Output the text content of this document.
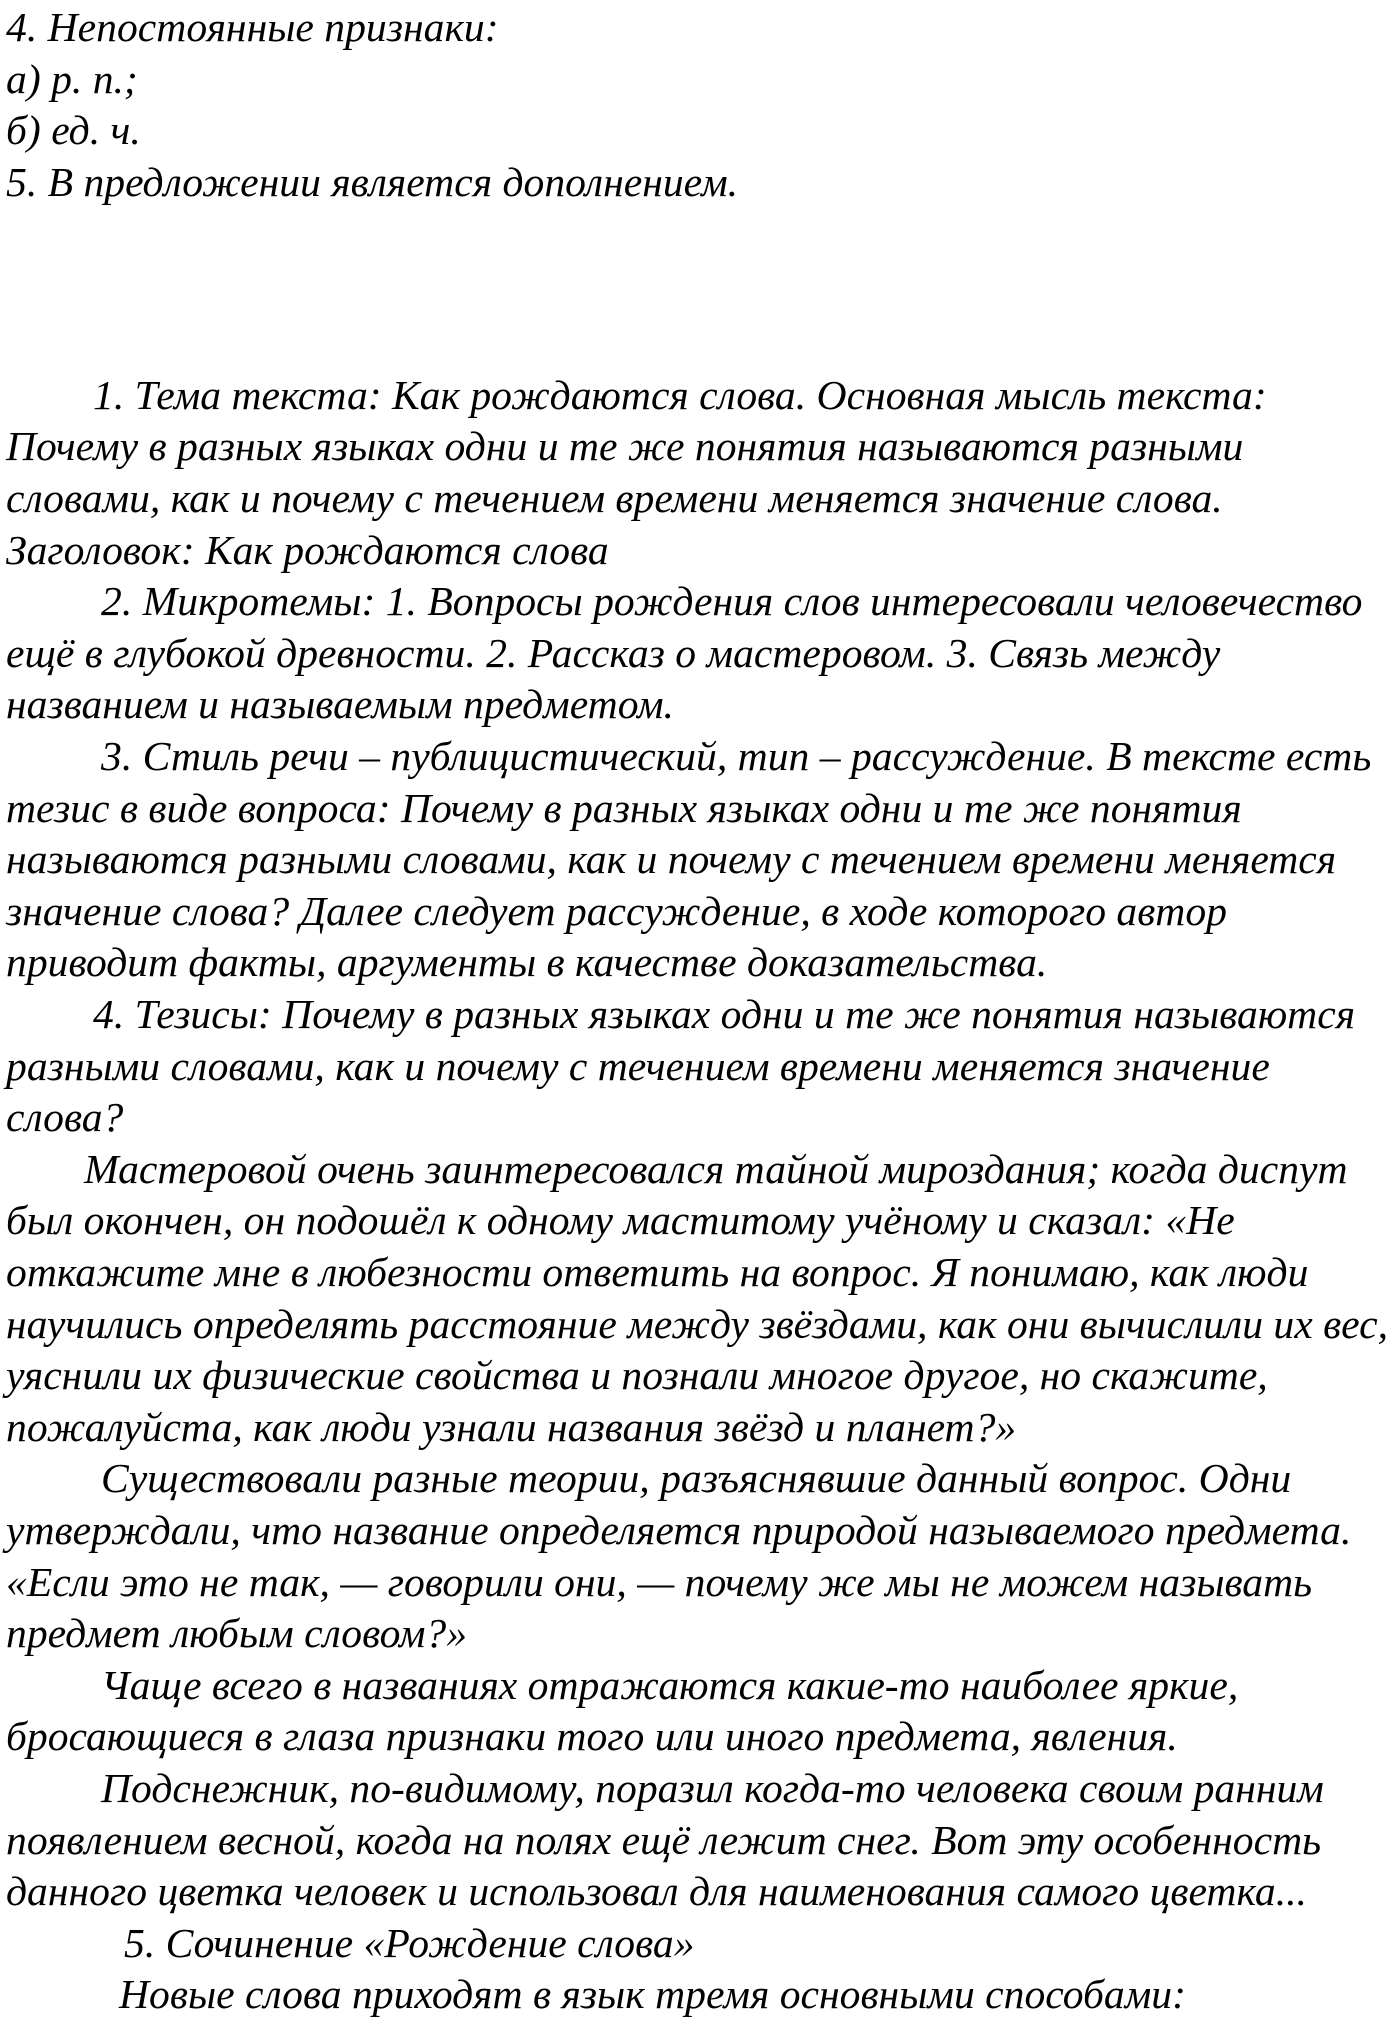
4. Непостоянные признаки:
а) р. п.;
б) ед. ч.
5. В предложении является дополнением.
1. Тема текста: Как рождаются слова. Основная мысль текста:
Почему в разных языках одни и те же понятия называются разными
словами, как и почему с течением времени меняется значение слова.
Заголовок: Как рождаются слова
2. Микротемы: 1. Вопросы рождения слов интересовали человечество
ещё в глубокой древности. 2. Рассказ о мастеровом. 3. Связь между
названием и называемым предметом.
3. Стиль речи – публицистический, тип – рассуждение. В тексте есть
тезис в виде вопроса: Почему в разных языках одни и те же понятия
называются разными словами, как и почему с течением времени меняется
значение слова? Далее следует рассуждение, в ходе которого автор
приводит факты, аргументы в качестве доказательства.
4. Тезисы: Почему в разных языках одни и те же понятия называются
разными словами, как и почему с течением времени меняется значение
слова?
Мастеровой очень заинтересовался тайной мироздания; когда диспут
был окончен, он подошёл к одному маститому учёному и сказал: «Не
откажите мне в любезности ответить на вопрос. Я понимаю, как люди
научились определять расстояние между звёздами, как они вычислили их вес,
уяснили их физические свойства и познали многое другое, но скажите,
пожалуйста, как люди узнали названия звёзд и планет?»
Существовали разные теории, разъяснявшие данный вопрос. Одни
утверждали, что название определяется природой называемого предмета.
«Если это не так, — говорили они, — почему же мы не можем называть
предмет любым словом?»
Чаще всего в названиях отражаются какие-то наиболее яркие,
бросающиеся в глаза признаки того или иного предмета, явления.
Подснежник, по-видимому, поразил когда-то человека своим ранним
появлением весной, когда на полях ещё лежит снег. Вот эту особенность
данного цветка человек и использовал для наименования самого цветка...
5. Сочинение «Рождение слова»
Новые слова приходят в язык тремя основными способами:
